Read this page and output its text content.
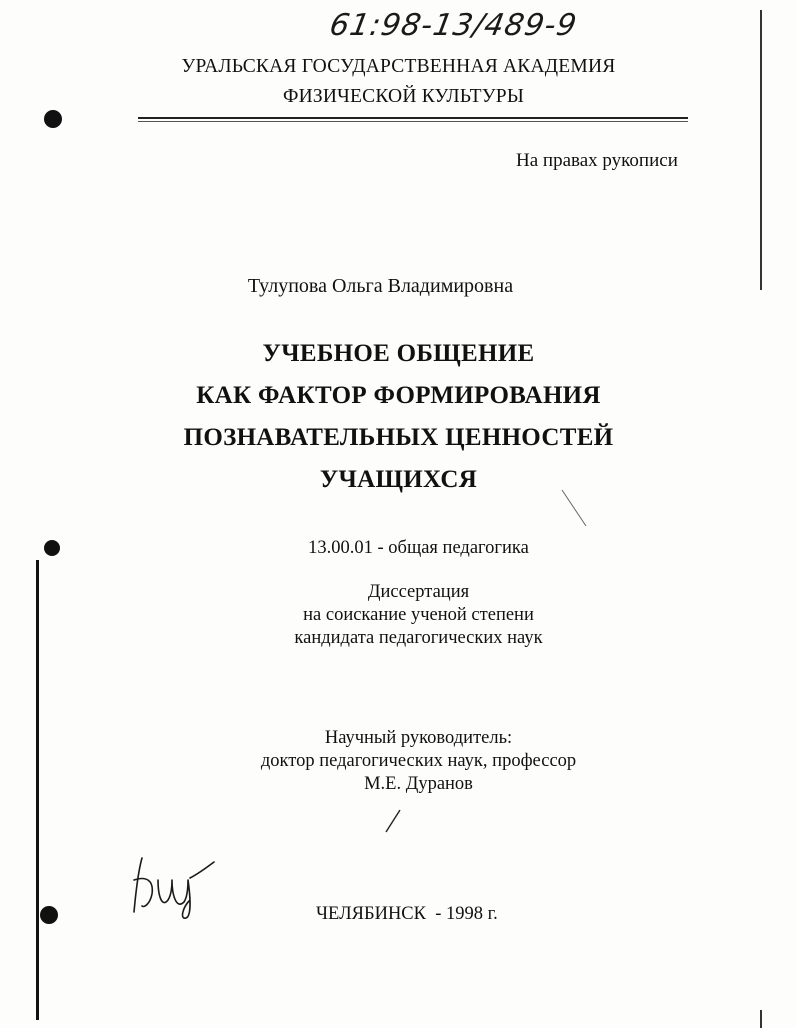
61:98-13/489-9
УРАЛЬСКАЯ ГОСУДАРСТВЕННАЯ АКАДЕМИЯ
ФИЗИЧЕСКОЙ КУЛЬТУРЫ
На правах рукописи
Тулупова Ольга Владимировна
УЧЕБНОЕ ОБЩЕНИЕ
КАК ФАКТОР ФОРМИРОВАНИЯ
ПОЗНАВАТЕЛЬНЫХ ЦЕННОСТЕЙ
УЧАЩИХСЯ
13.00.01 - общая педагогика
Диссертация
на соискание ученой степени
кандидата педагогических наук
Научный руководитель:
доктор педагогических наук, профессор
М.Е. Дуранов
ЧЕЛЯБИНСК  - 1998 г.
